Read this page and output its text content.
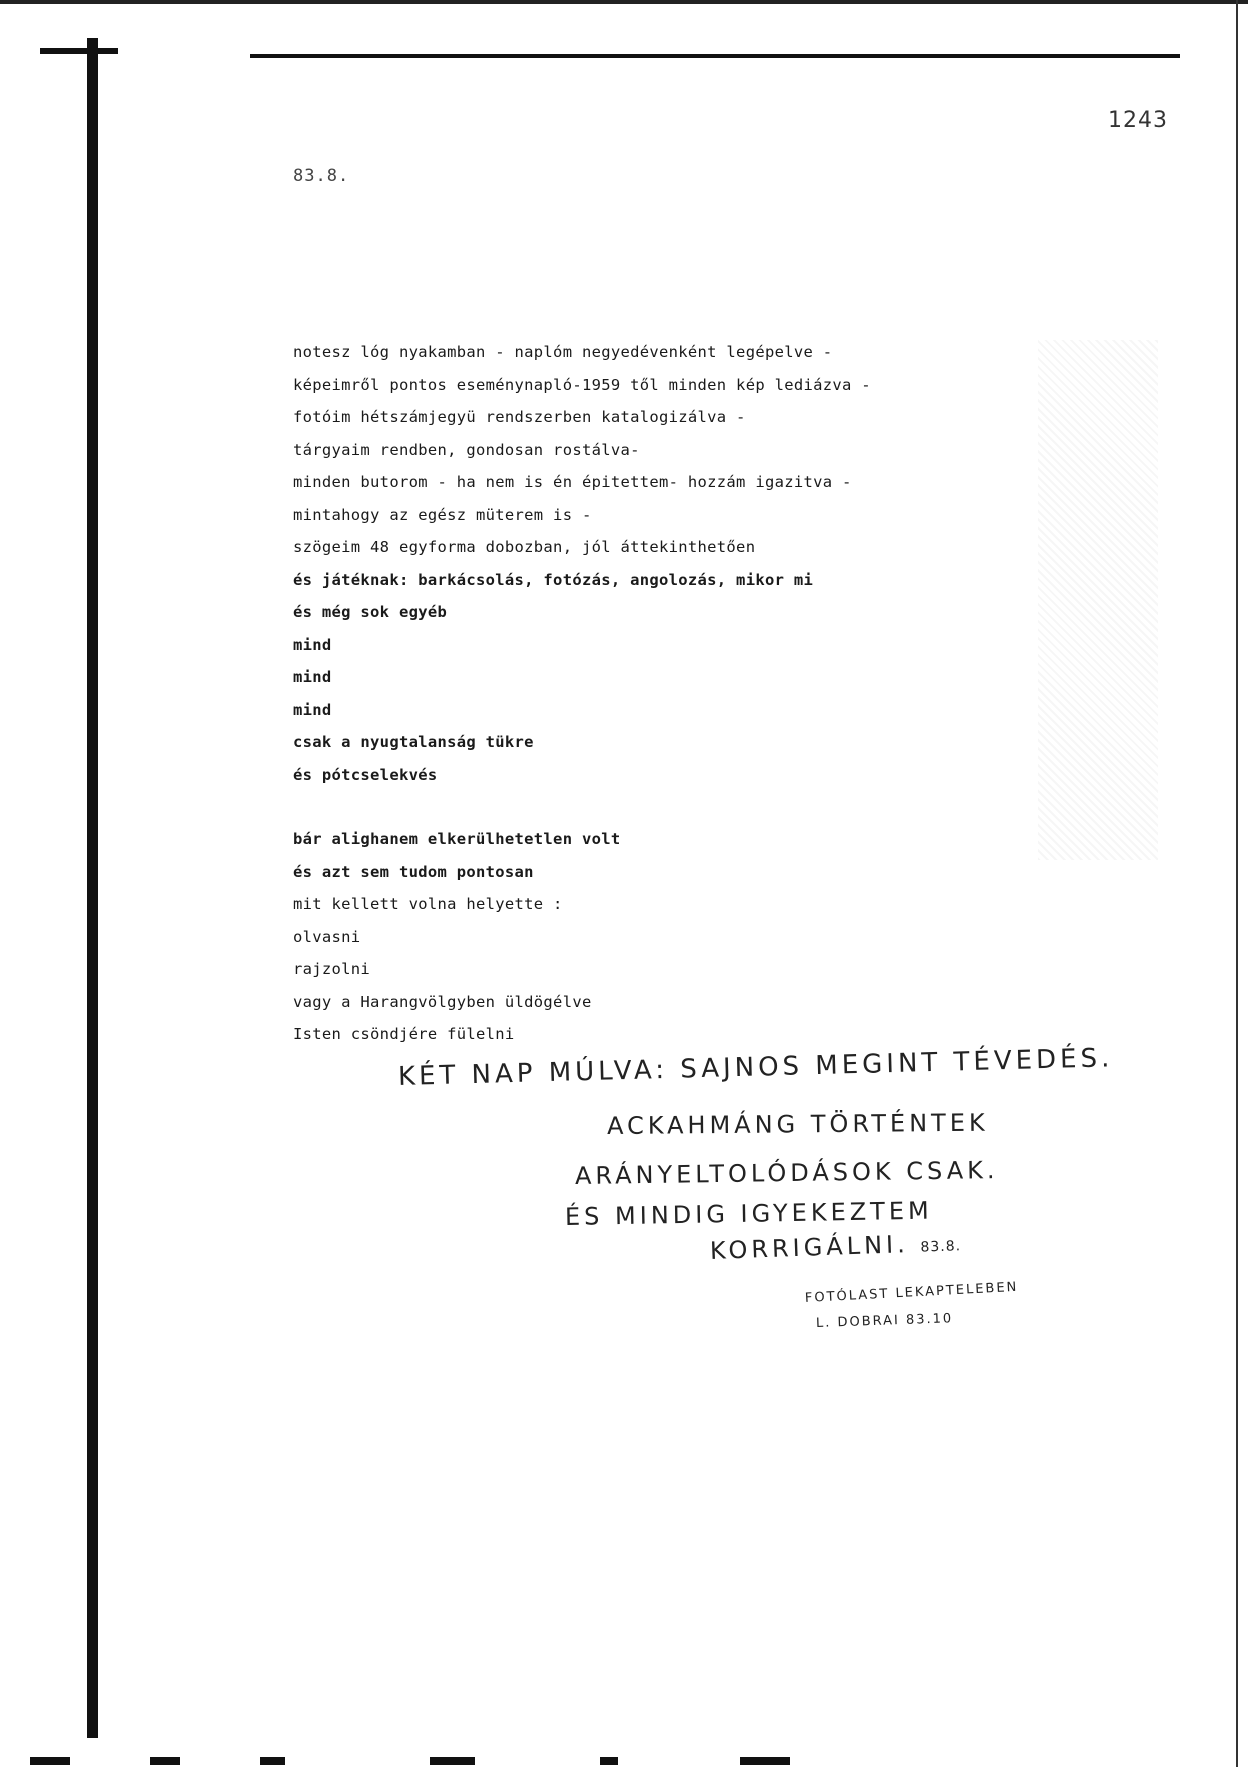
1243
83.8.
notesz lóg nyakamban - naplóm negyedévenként legépelve -
képeimről pontos eseménynapló-1959 től minden kép lediázva -
fotóim hétszámjegyü rendszerben katalogizálva -
tárgyaim rendben, gondosan rostálva-
minden butorom - ha nem is én épitettem- hozzám igazitva -
mintahogy az egész müterem is -
szögeim 48 egyforma dobozban, jól áttekinthetően
és játéknak: barkácsolás, fotózás, angolozás, mikor mi
és még sok egyéb
mind
mind
mind
csak a nyugtalanság tükre
és pótcselekvés
bár alighanem elkerülhetetlen volt
és azt sem tudom pontosan
mit kellett volna helyette :
olvasni
rajzolni
vagy a Harangvölgyben üldögélve
Isten csöndjére fülelni
KÉT NAP MÚLVA: SAJNOS MEGINT TÉVEDÉS.
ACKAHMÁNG TÖRTÉNTEK
ARÁNYELTOLÓDÁSOK CSAK.
ÉS MINDIG IGYEKEZTEM
KORRIGÁLNI. 83.8.
FOTÓLAST LEKAPTELEBEN
L. DOBRAI 83.10
